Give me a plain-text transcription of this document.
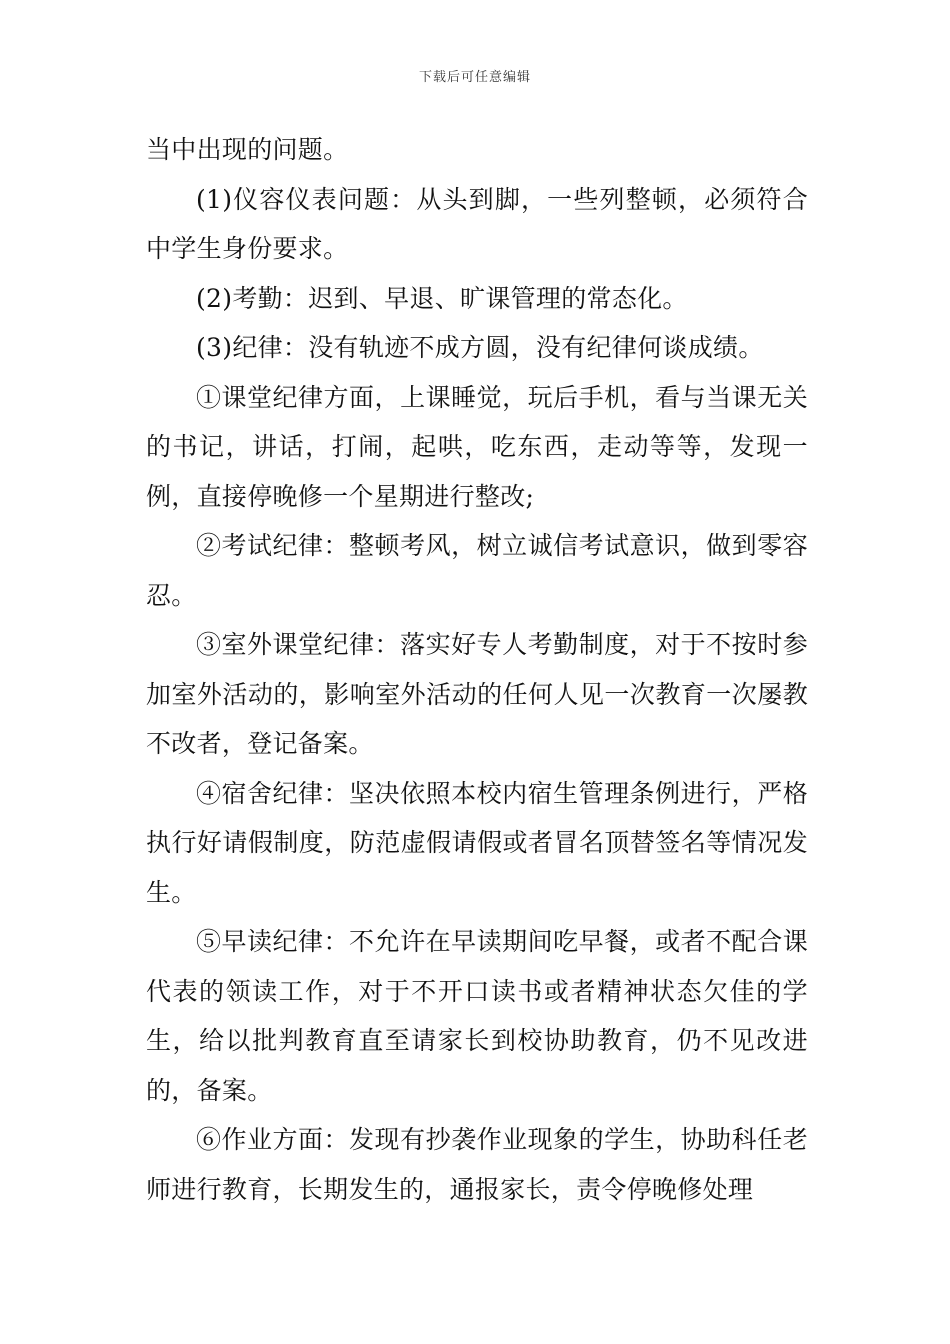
下载后可任意编辑

当中出现的问题。

(1)仪容仪表问题：从头到脚，一些列整顿，必须符合中学生身份要求。

(2)考勤：迟到、早退、旷课管理的常态化。

(3)纪律：没有轨迹不成方圆，没有纪律何谈成绩。

①课堂纪律方面，上课睡觉，玩后手机，看与当课无关的书记，讲话，打闹，起哄，吃东西，走动等等，发现一例，直接停晚修一个星期进行整改;

②考试纪律：整顿考风，树立诚信考试意识，做到零容忍。

③室外课堂纪律：落实好专人考勤制度，对于不按时参加室外活动的，影响室外活动的任何人见一次教育一次屡教不改者，登记备案。

④宿舍纪律：坚决依照本校内宿生管理条例进行，严格执行好请假制度，防范虚假请假或者冒名顶替签名等情况发生。

⑤早读纪律：不允许在早读期间吃早餐，或者不配合课代表的领读工作，对于不开口读书或者精神状态欠佳的学生，给以批判教育直至请家长到校协助教育，仍不见改进的，备案。

⑥作业方面：发现有抄袭作业现象的学生，协助科任老师进行教育，长期发生的，通报家长，责令停晚修处理
